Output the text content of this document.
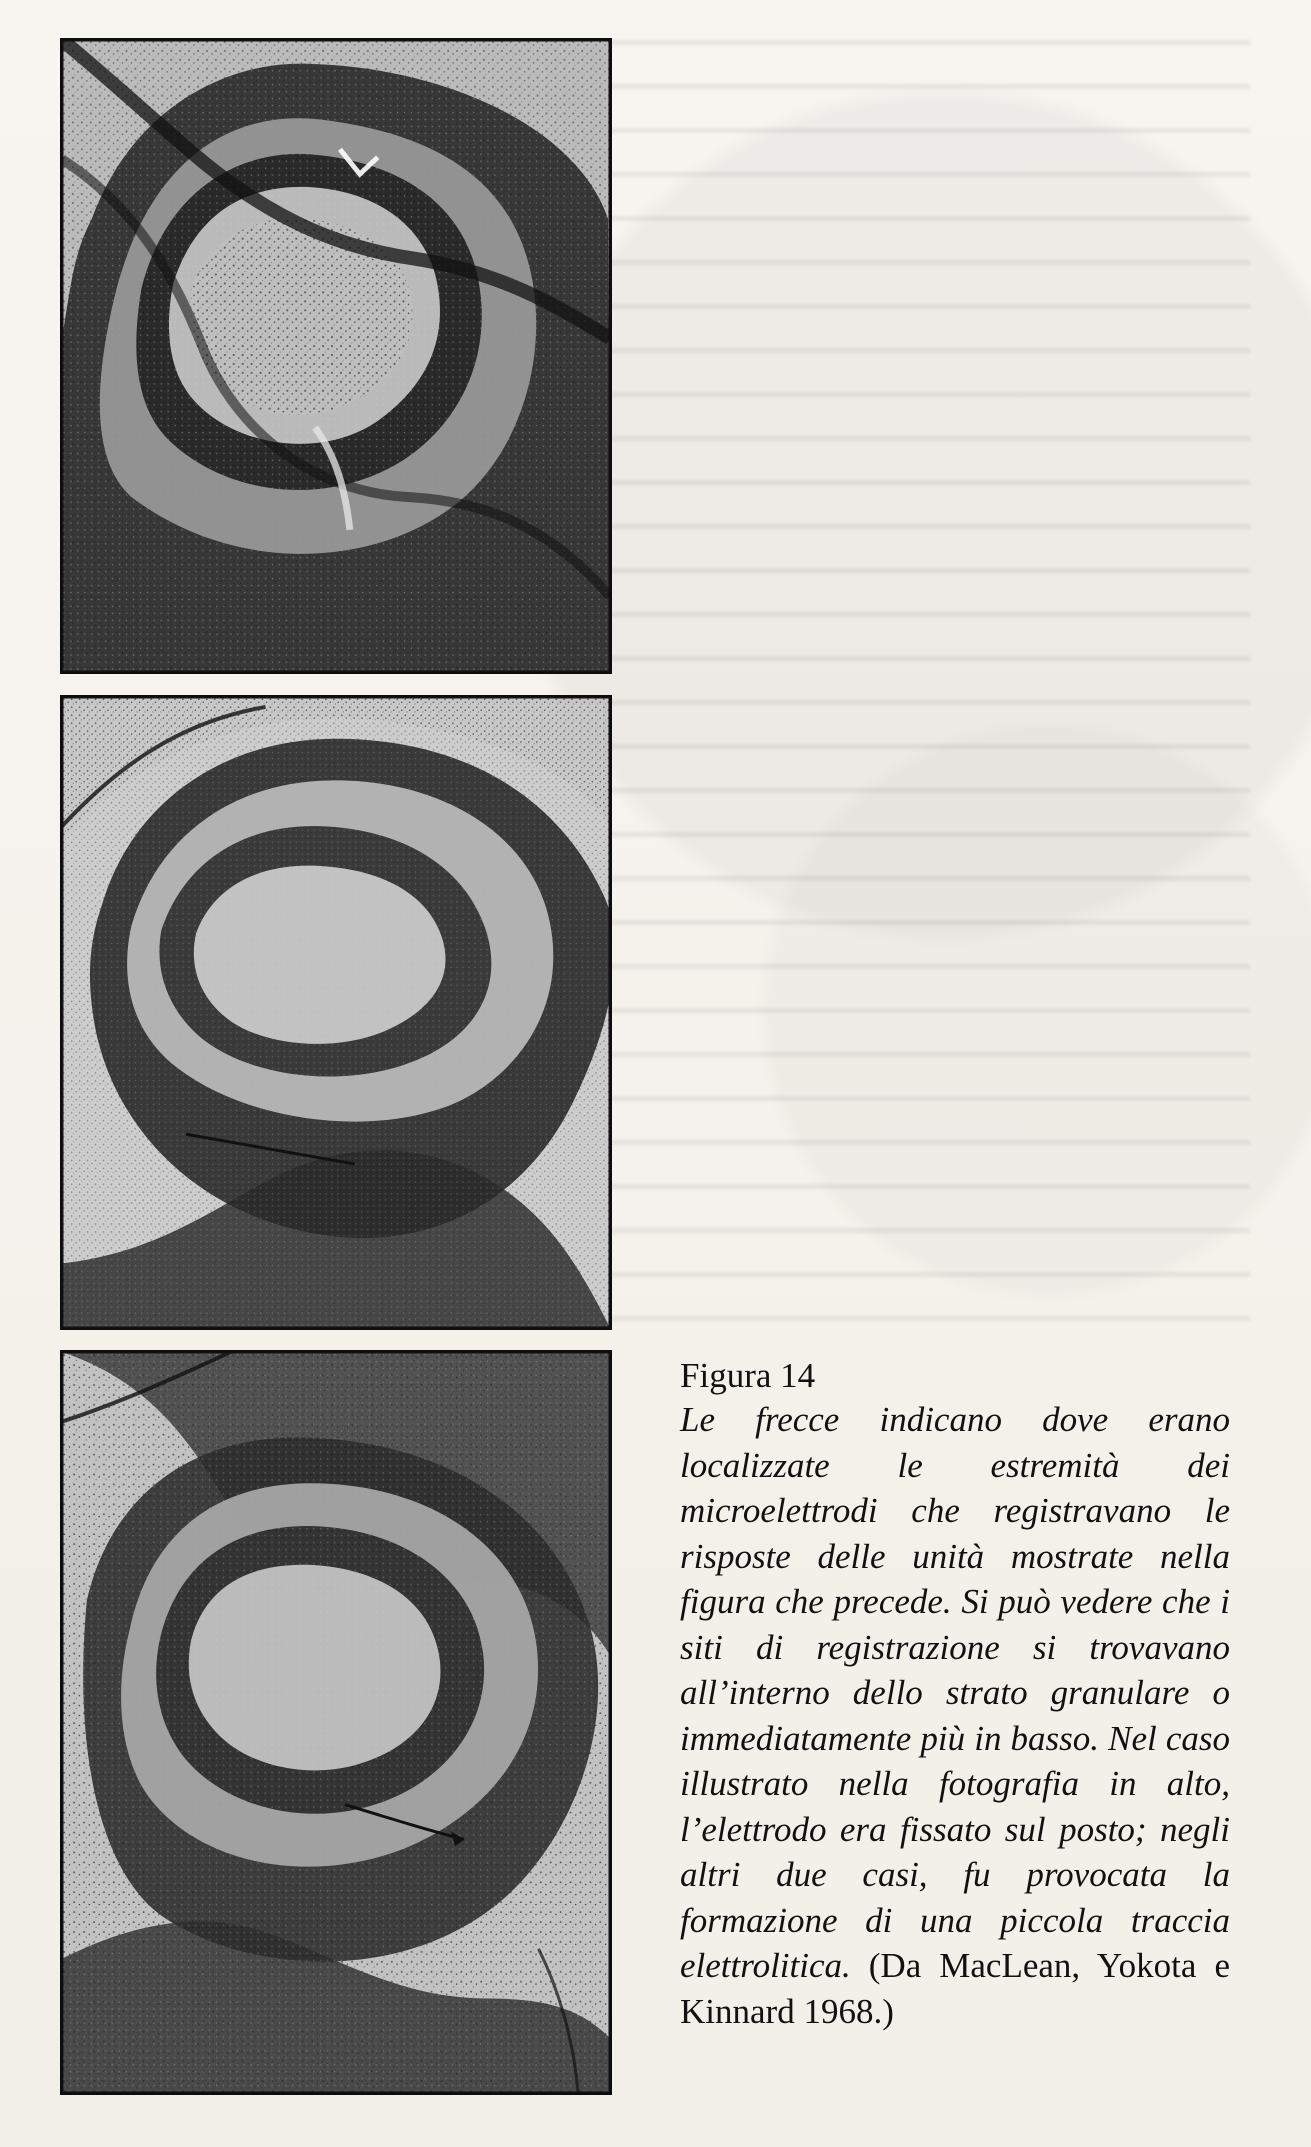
Figura 14
Le frecce indicano dove erano localizzate le estremità dei microelettrodi che registravano le risposte delle unità mostrate nella figura che precede. Si può vedere che i siti di registrazione si trovavano all’interno dello strato granulare o immediatamente più in basso. Nel caso illustrato nella fotografia in alto, l’elettrodo era fissato sul posto; negli altri due casi, fu provocata la formazione di una piccola traccia elettrolitica. (Da MacLean, Yokota e Kinnard 1968.)
